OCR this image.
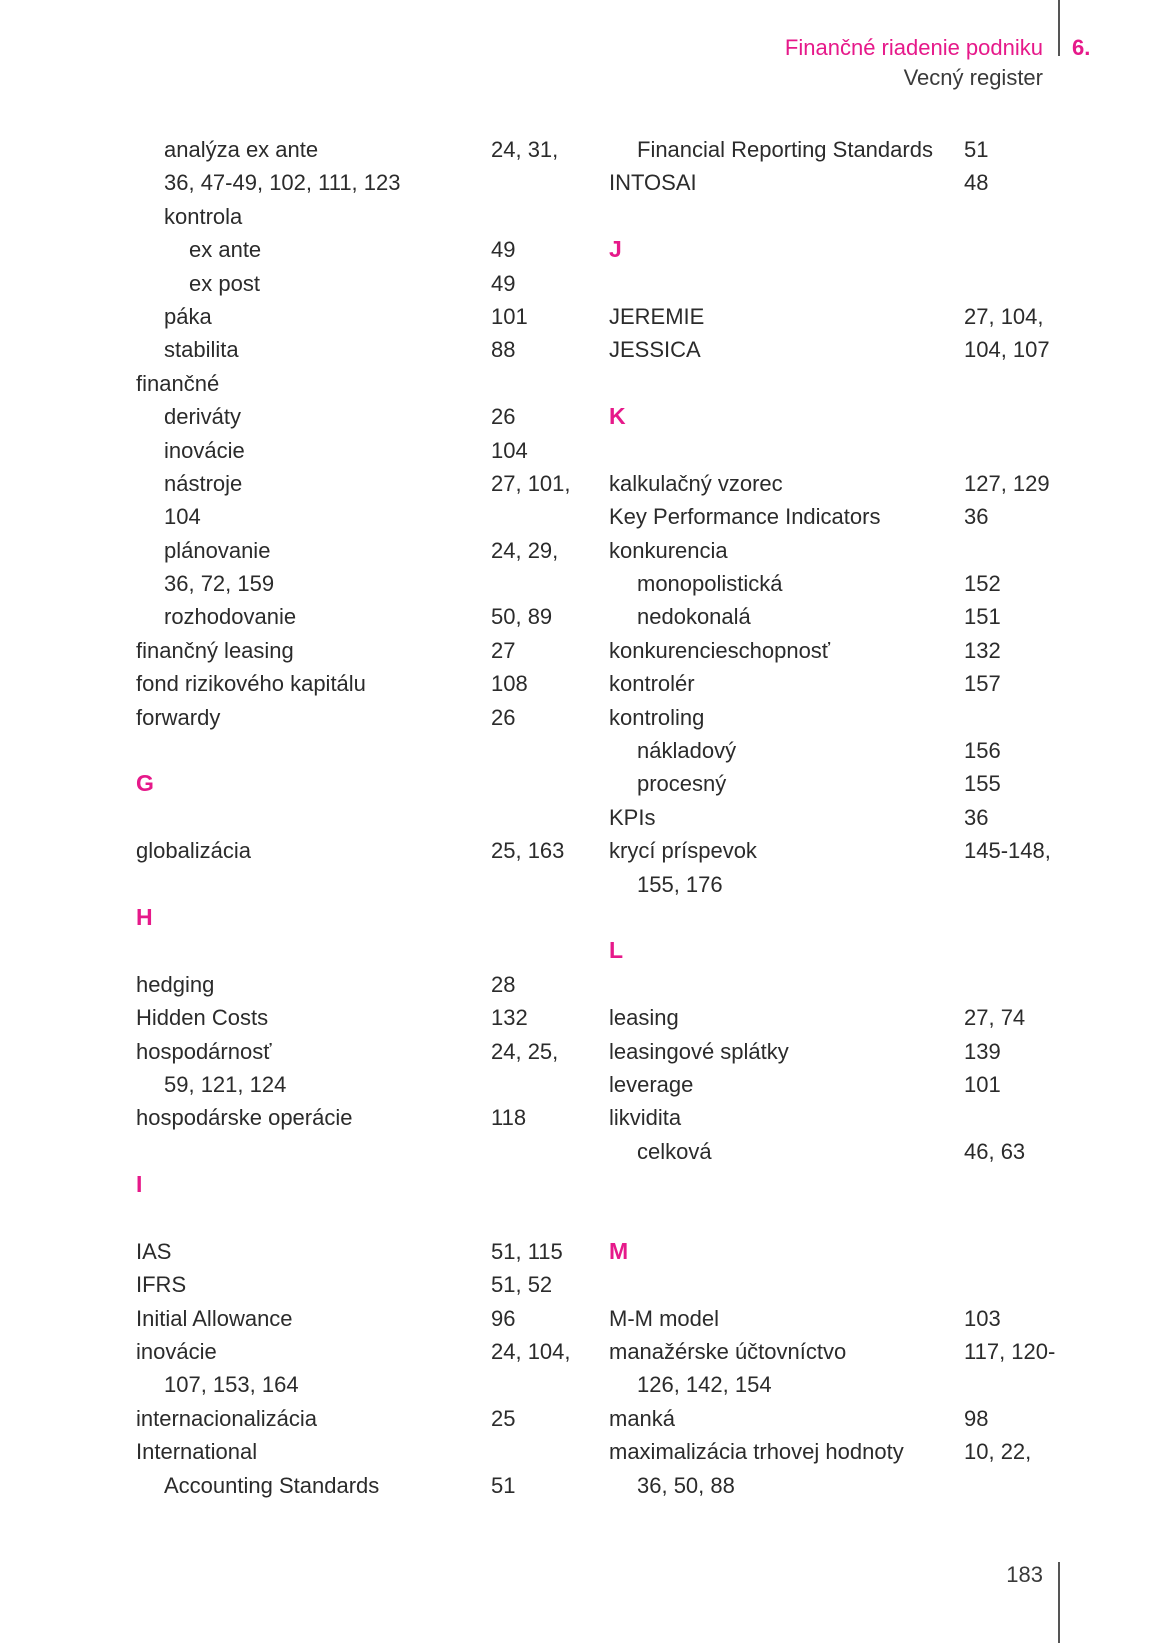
Finančné riadenie podniku 6.
Vecný register
analýza ex ante	24, 31,
36, 47-49, 102, 111, 123
kontrola
ex ante	49
ex post	49
páka	101
stabilita	88
finančné
deriváty	26
inovácie	104
nástroje	27, 101,
104
plánovanie	24, 29,
36, 72, 159
rozhodovanie	50, 89
finančný leasing	27
fond rizikového kapitálu	108
forwardy	26
G
globalizácia	25, 163
H
hedging	28
Hidden Costs	132
hospodárnosť	24, 25,
59, 121, 124
hospodárske operácie	118
I
IAS	51, 115
IFRS	51, 52
Initial Allowance	96
inovácie	24, 104,
107, 153, 164
internacionalizácia	25
International
Accounting Standards	51
Financial Reporting Standards 51
INTOSAI	48
J
JEREMIE	27, 104,
JESSICA	104, 107
K
kalkulačný vzorec	127, 129
Key Performance Indicators	36
konkurencia
monopolistická	152
nedokonalá	151
konkurencieschopnosť	132
kontrolér	157
kontroling
nákladový	156
procesný	155
KPIs	36
krycí príspevok	145-148,
155, 176
L
leasing	27, 74
leasingové splátky	139
leverage	101
likvidita
celková	46, 63
M
M-M model	103
manažérske účtovníctvo	117, 120-
126, 142, 154
manká	98
maximalizácia trhovej hodnoty	10, 22,
36, 50, 88
183
